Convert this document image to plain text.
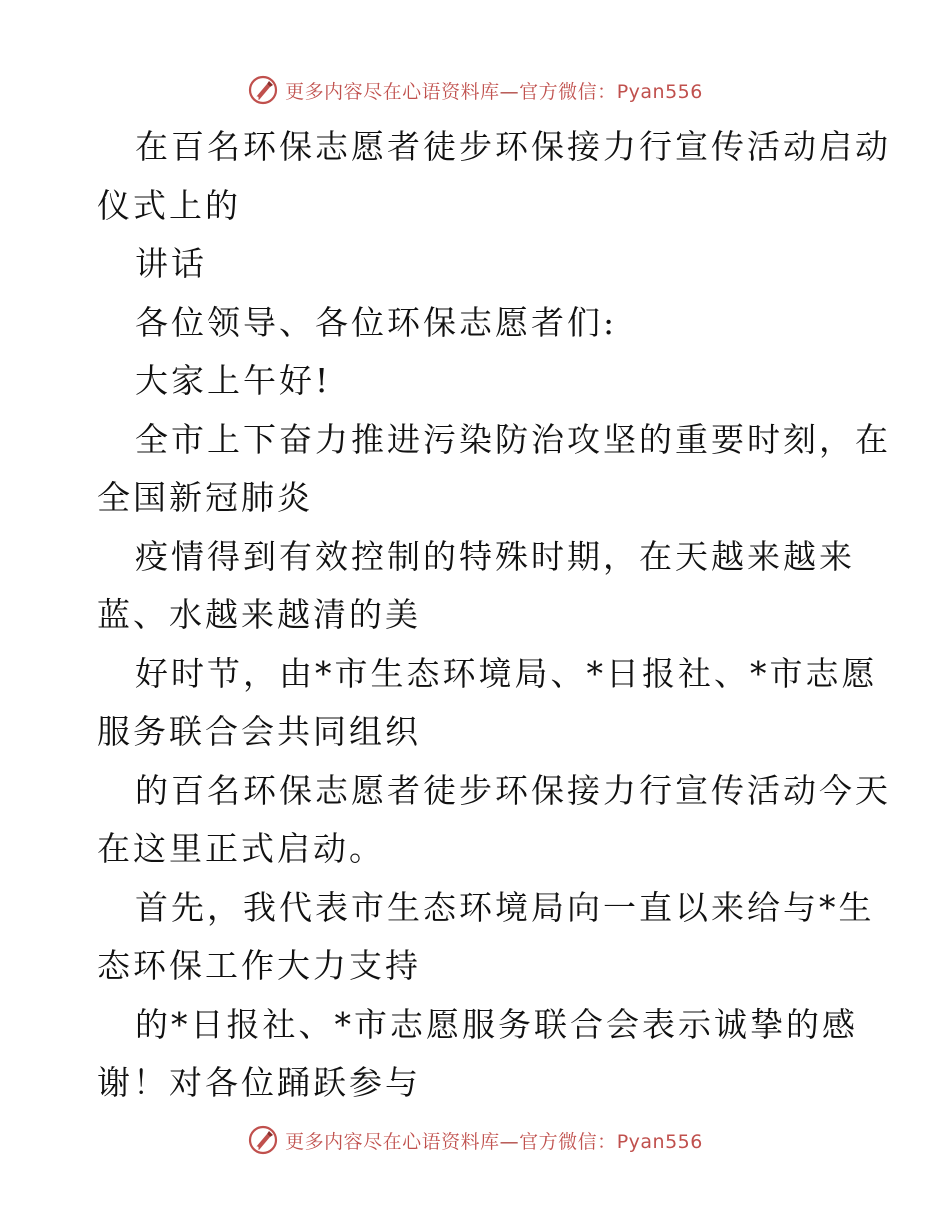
更多内容尽在心语资料库—官方微信：Pyan556
在百名环保志愿者徒步环保接力行宣传活动启动
仪式上的
讲话
各位领导、各位环保志愿者们:
大家上午好!
全市上下奋力推进污染防治攻坚的重要时刻，在
全国新冠肺炎
疫情得到有效控制的特殊时期，在天越来越来
蓝、水越来越清的美
好时节，由*市生态环境局、*日报社、*市志愿
服务联合会共同组织
的百名环保志愿者徒步环保接力行宣传活动今天
在这里正式启动。
首先，我代表市生态环境局向一直以来给与*生
态环保工作大力支持
的*日报社、*市志愿服务联合会表示诚挚的感
谢！对各位踊跃参与
更多内容尽在心语资料库—官方微信：Pyan556
